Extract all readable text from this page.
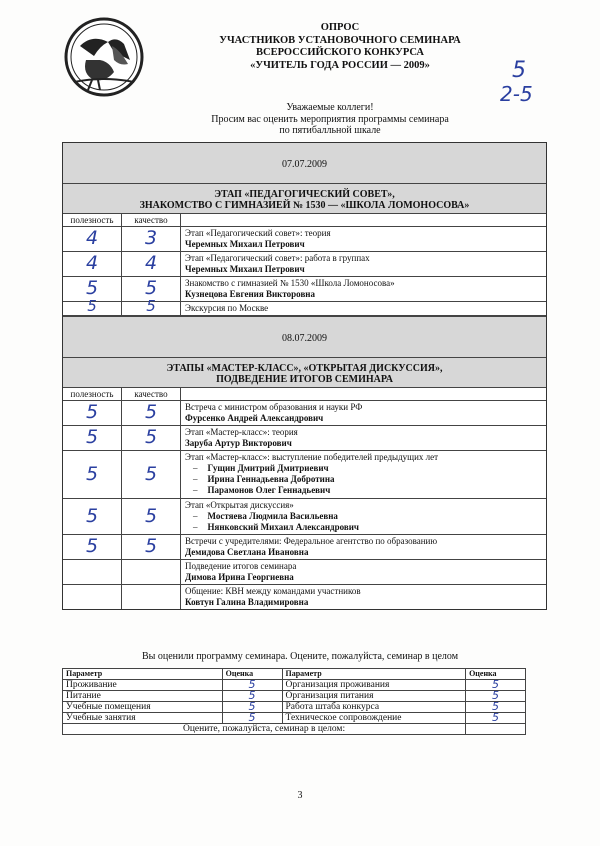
ОПРОС
УЧАСТНИКОВ УСТАНОВОЧНОГО СЕМИНАРА
ВСЕРОССИЙСКОГО КОНКУРСА
«УЧИТЕЛЬ ГОДА РОССИИ — 2009»	5
2-5
Уважаемые коллеги!
Просим вас оценить мероприятия программы семинара
по пятибалльной шкале
07.07.2009
ЭТАП «ПЕДАГОГИЧЕСКИЙ СОВЕТ»,
ЗНАКОМСТВО С ГИМНАЗИЕЙ № 1530 — «ШКОЛА ЛОМОНОСОВА»
полезность	качество
4	3	Этап «Педагогический совет»: теория
Черемных Михаил Петрович
4	4	Этап «Педагогический совет»: работа в группах
Черемных Михаил Петрович
5	5	Знакомство с гимназией № 1530 «Школа Ломоносова»
Кузнецова Евгения Викторовна
5	5	Экскурсия по Москве
08.07.2009
ЭТАПЫ «МАСТЕР-КЛАСС», «ОТКРЫТАЯ ДИСКУССИЯ»,
ПОДВЕДЕНИЕ ИТОГОВ СЕМИНАРА
полезность	качество
5	5	Встреча с министром образования и науки РФ
Фурсенко Андрей Александрович
5	5	Этап «Мастер-класс»: теория
Заруба Артур Викторович
5	5
Этап «Мастер-класс»: выступление победителей предыдущих лет
– Гущин Дмитрий Дмитриевич
– Ирина Геннадьевна Добротина
– Парамонов Олег Геннадьевич
5	5	Этап «Открытая дискуссия»
– Мостяева Людмила Васильевна
– Нянковский Михаил Александрович
5	5	Встречи с учредителями: Федеральное агентство по образованию
Демидова Светлана Ивановна
Подведение итогов семинара
Димова Ирина Георгиевна
Общение: КВН между командами участников
Ковтун Галина Владимировна
Вы оценили программу семинара. Оцените, пожалуйста, семинар в целом
Параметр	Оценка	Параметр	Оценка
Проживание	5	Организация проживания	5
Питание	5	Организация питания	5
Учебные помещения	5	Работа штаба конкурса	5
Учебные занятия	5	Техническое сопровождение	5
Оцените, пожалуйста, семинар в целом:			
3
